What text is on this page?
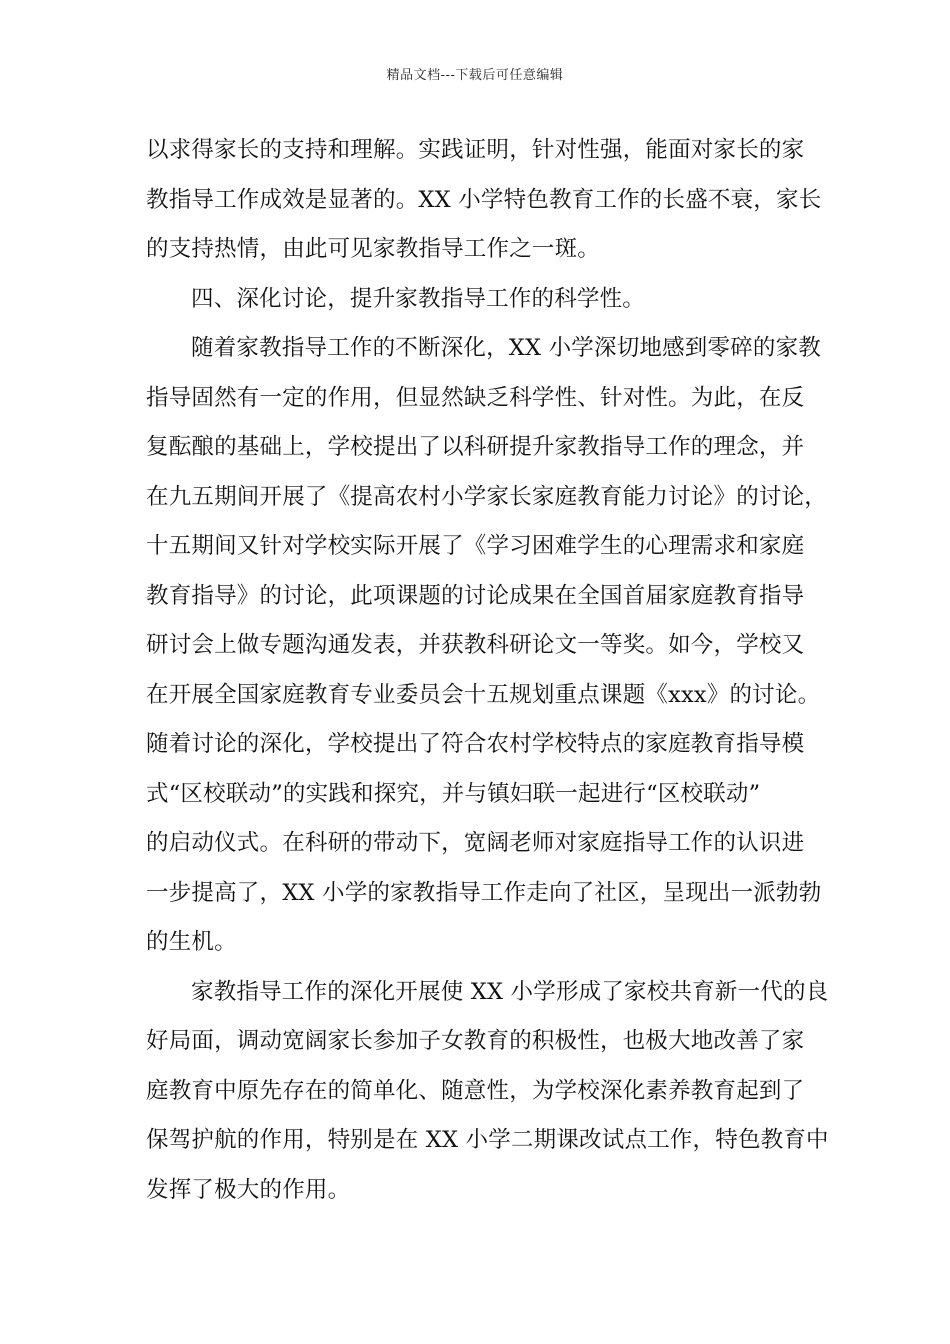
精品文档---下载后可任意编辑
以求得家长的支持和理解。实践证明，针对性强，能面对家长的家
教指导工作成效是显著的。XX 小学特色教育工作的长盛不衰，家长
的支持热情，由此可见家教指导工作之一斑。
四、深化讨论，提升家教指导工作的科学性。
随着家教指导工作的不断深化，XX 小学深切地感到零碎的家教
指导固然有一定的作用，但显然缺乏科学性、针对性。为此，在反
复酝酿的基础上，学校提出了以科研提升家教指导工作的理念，并
在九五期间开展了《提高农村小学家长家庭教育能力讨论》的讨论，
十五期间又针对学校实际开展了《学习困难学生的心理需求和家庭
教育指导》的讨论，此项课题的讨论成果在全国首届家庭教育指导
研讨会上做专题沟通发表，并获教科研论文一等奖。如今，学校又
在开展全国家庭教育专业委员会十五规划重点课题《xxx》的讨论。
随着讨论的深化，学校提出了符合农村学校特点的家庭教育指导模
式“区校联动”的实践和探究，并与镇妇联一起进行“区校联动”
的启动仪式。在科研的带动下，宽阔老师对家庭指导工作的认识进
一步提高了，XX 小学的家教指导工作走向了社区，呈现出一派勃勃
的生机。
家教指导工作的深化开展使 XX 小学形成了家校共育新一代的良
好局面，调动宽阔家长参加子女教育的积极性，也极大地改善了家
庭教育中原先存在的简单化、随意性，为学校深化素养教育起到了
保驾护航的作用，特别是在 XX 小学二期课改试点工作，特色教育中
发挥了极大的作用。
